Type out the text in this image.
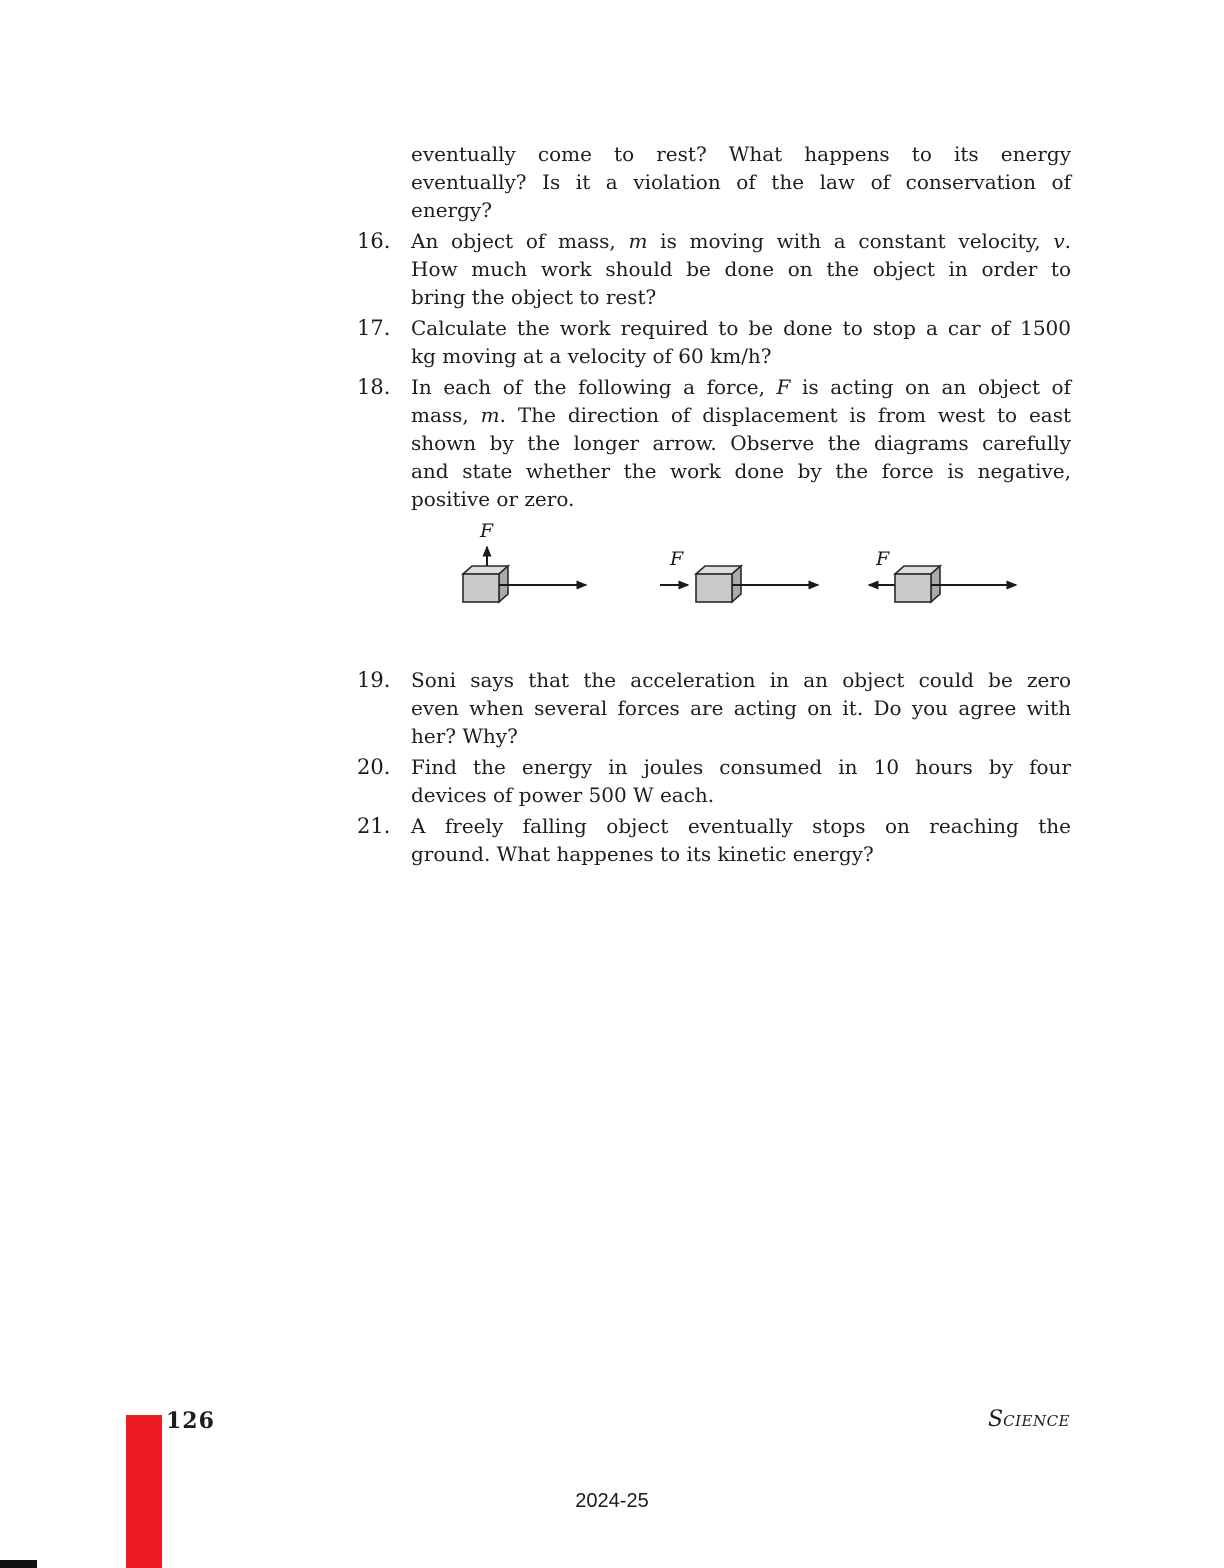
eventually come to rest? What happens to its energy
eventually? Is it a violation of the law of conservation of
energy?
16.	An object of mass, m is moving with a constant velocity, v.
How much work should be done on the object in order to
bring the object to rest?
17.	Calculate the work required to be done to stop a car of 1500
kg moving at a velocity of 60 km/h?
18.	In each of the following a force, F is acting on an object of
mass, m. The direction of displacement is from west to east
shown by the longer arrow. Observe the diagrams carefully
and state whether the work done by the force is negative,
positive or zero.
F
F	F
19.	Soni says that the acceleration in an object could be zero
even when several forces are acting on it. Do you agree with
her? Why?
20.	Find the energy in joules consumed in 10 hours by four
devices of power 500 W each.
21.	A freely falling object eventually stops on reaching the
ground. What happenes to its kinetic energy?
126	SCIENCE
2024-25
